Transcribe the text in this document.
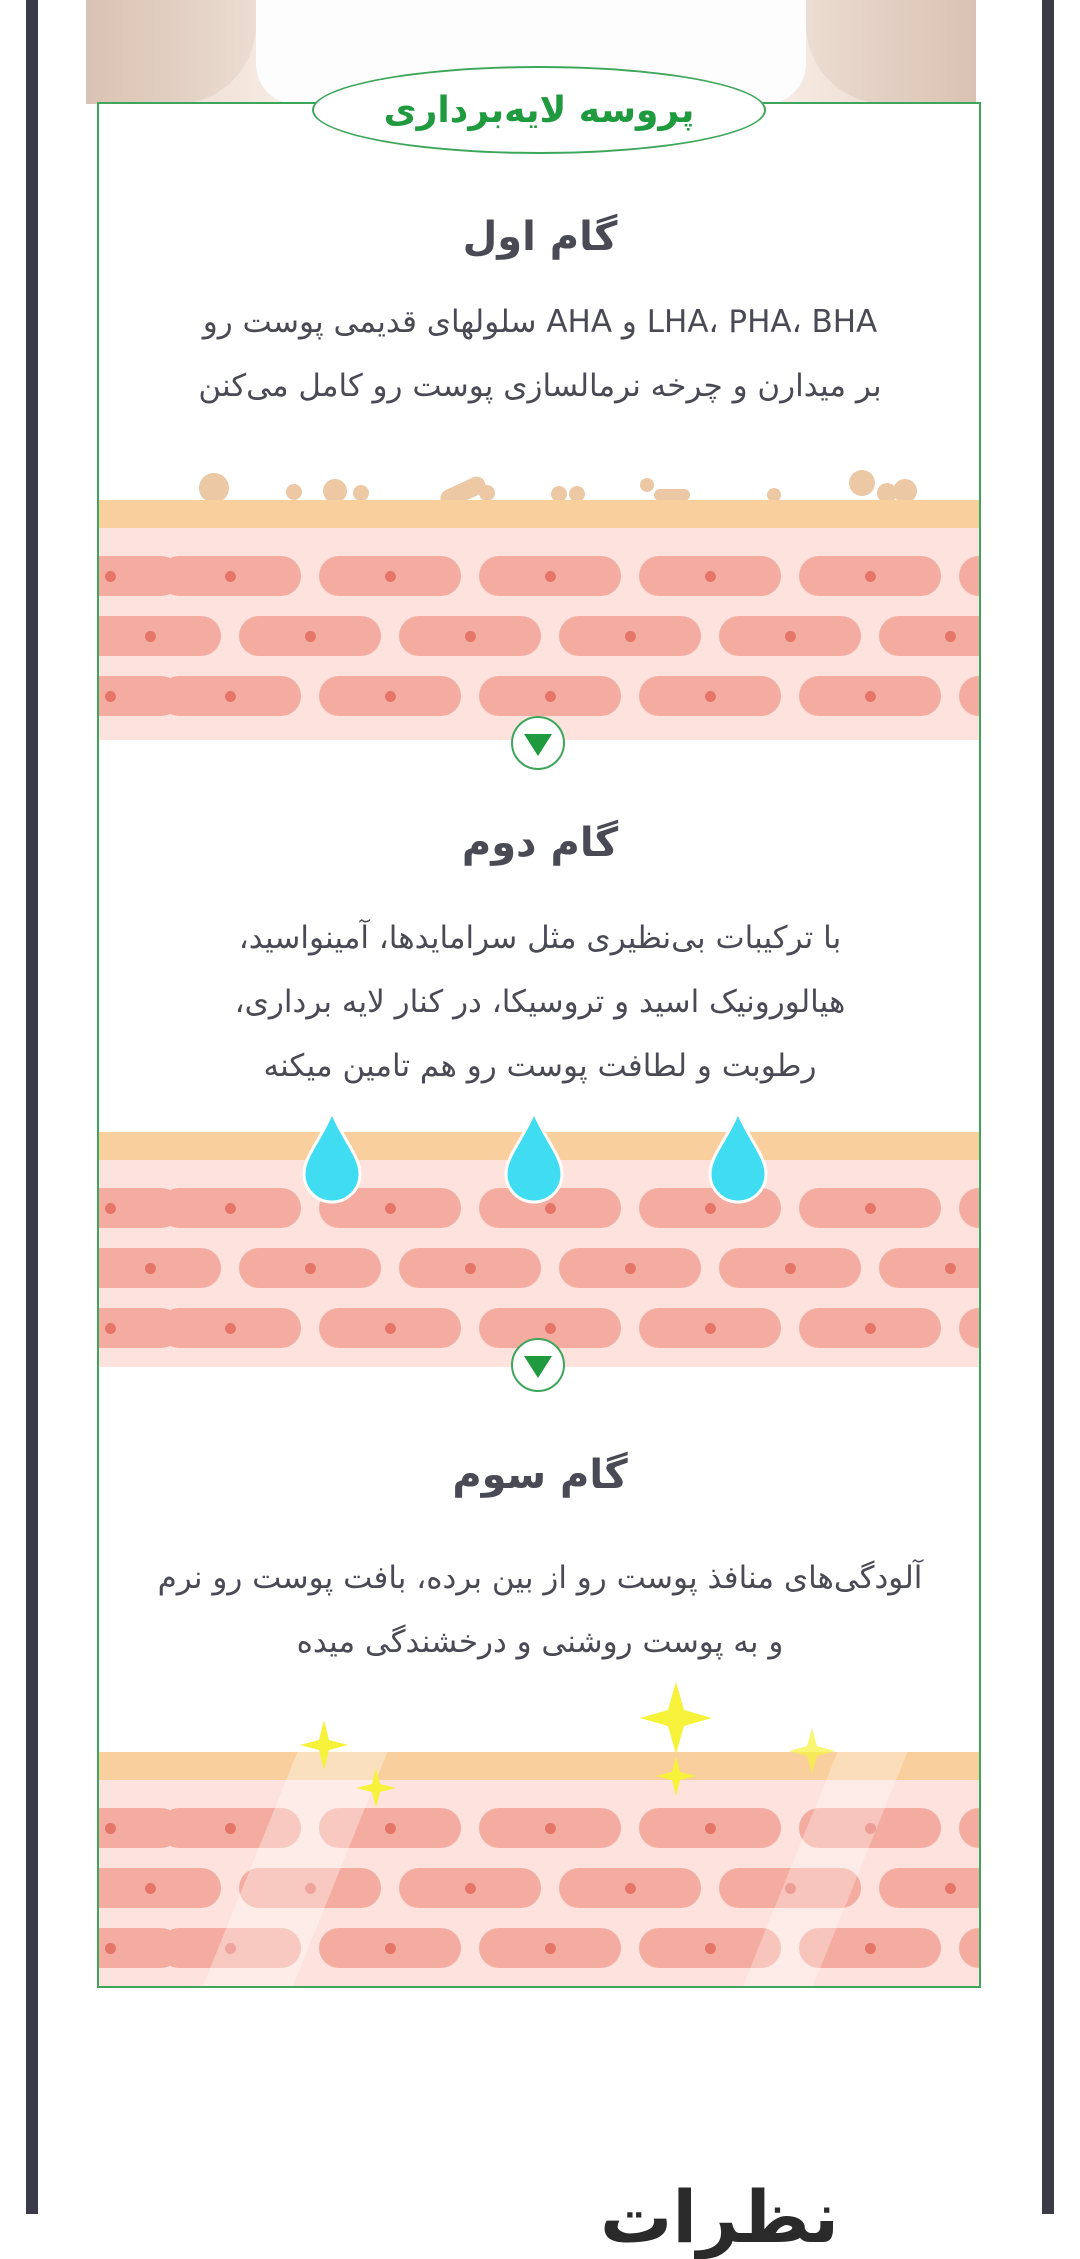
پروسه لایه‌برداری
گام اول
LHA، PHA، BHA و AHA سلولهای قدیمی پوست رو
بر میدارن و چرخه نرمالسازی پوست رو کامل می‌کنن
گام دوم
با ترکیبات بی‌نظیری مثل سرامایدها، آمینواسید،
هیالورونیک اسید و تروسیکا، در کنار لایه برداری،
رطوبت و لطافت پوست رو هم تامین میکنه
گام سوم
آلودگی‌های منافذ پوست رو از بین برده، بافت پوست رو نرم
و به پوست روشنی و درخشندگی میده
نظرات
